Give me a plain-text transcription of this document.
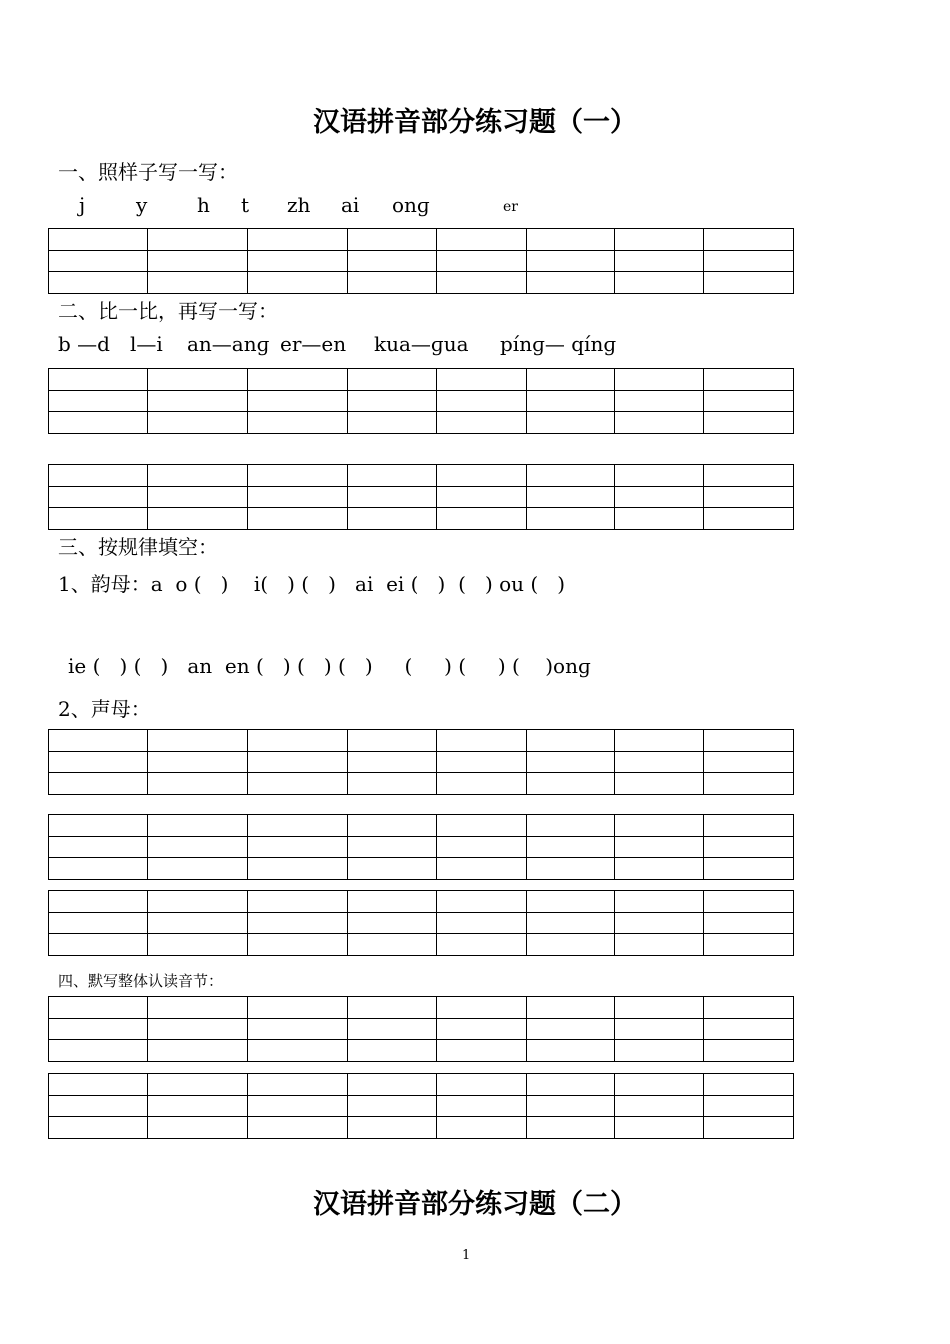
汉语拼音部分练习题（一）
一、照样子写一写：
j	y h t zh ai onɡ	er

二、比一比，再写一写：
b —d l—i an—anɡ er—en kua—ɡua pínɡ— qínɡ

三、按规律填空：
1、韵母：a  o (   )    i(   ) (   )   ai  ei (   )  (   ) ou (   )
ie (   ) (   )   an  en (   ) (   ) (   )     (     ) (     ) (    )onɡ
2、声母：

四、默写整体认读音节：

汉语拼音部分练习题（二）
1
